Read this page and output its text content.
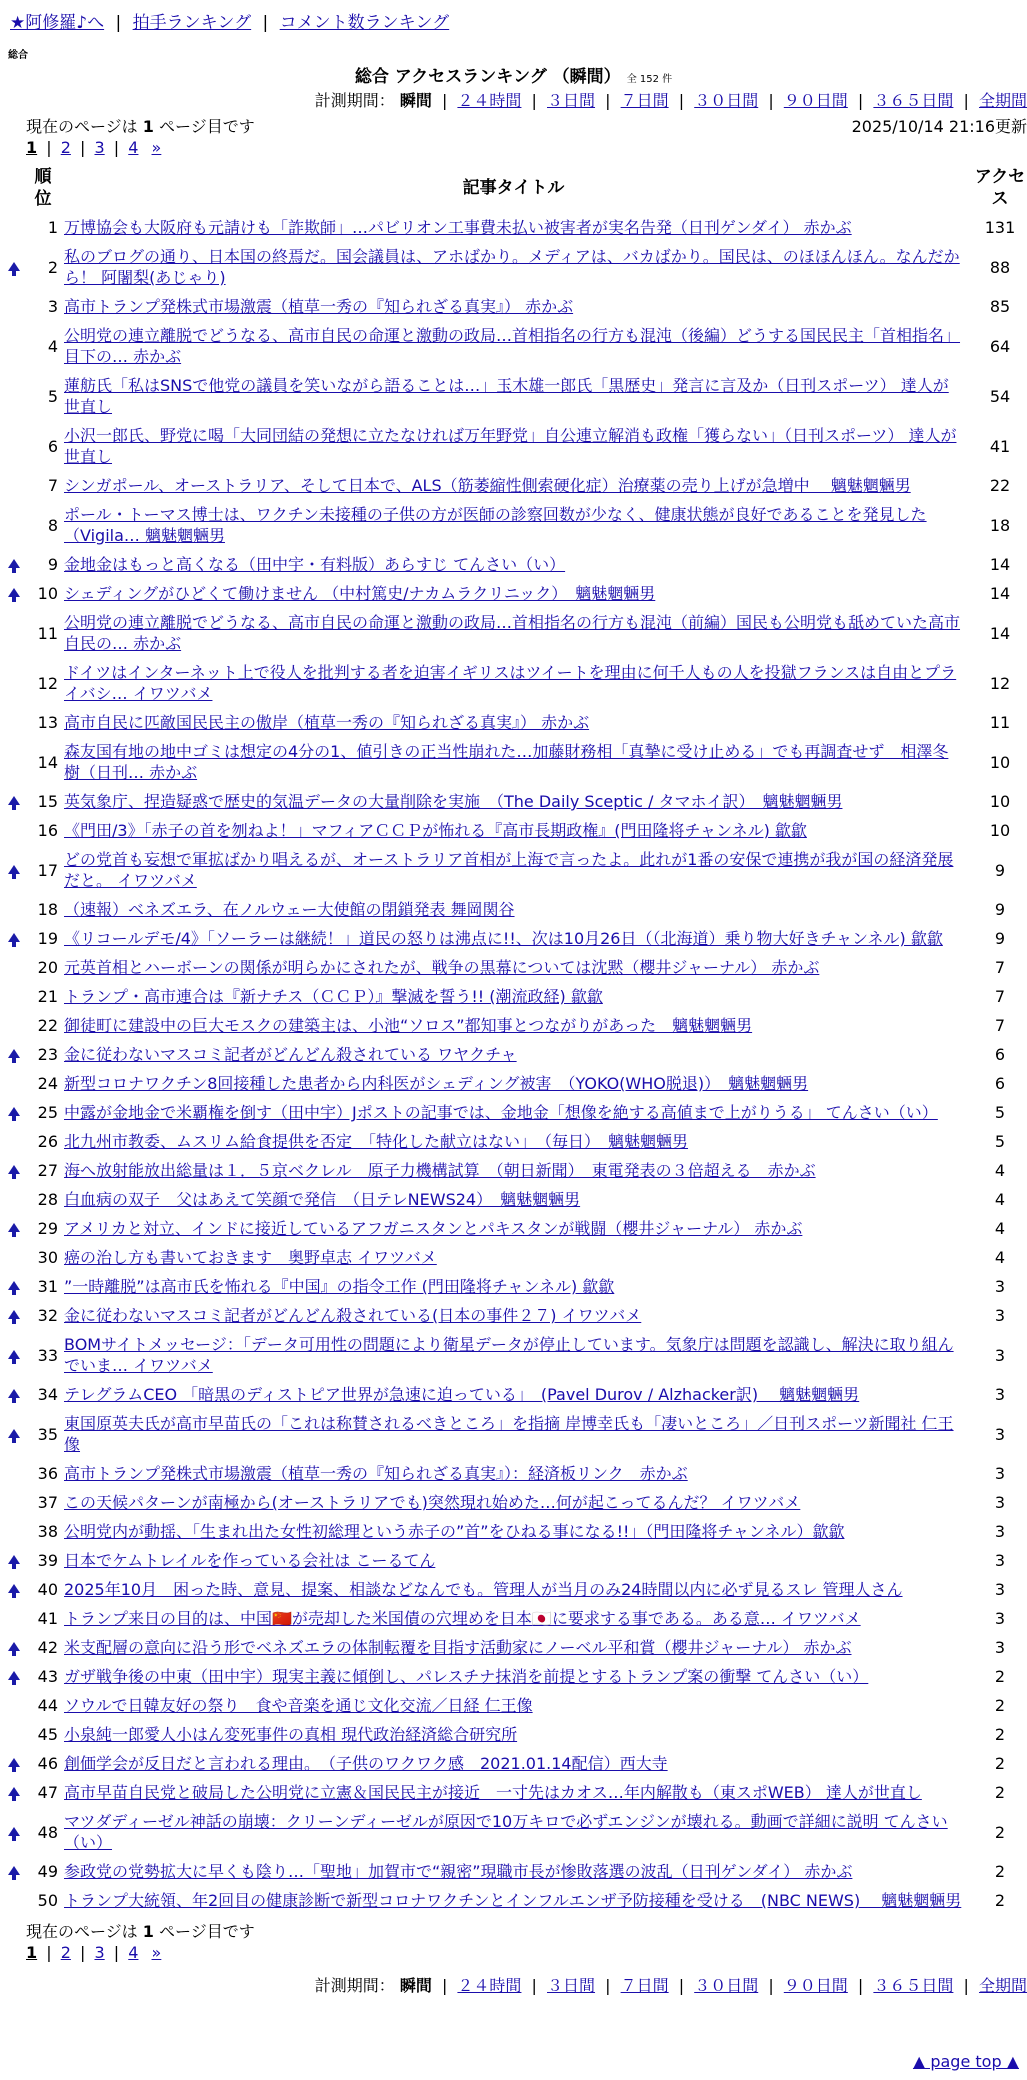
★阿修羅♪へ | 拍手ランキング | コメント数ランキング
総合
総合 アクセスランキング （瞬間） 全 152 件
計測期間： 瞬間 | ２４時間 | ３日間 | ７日間 | ３０日間 | ９０日間 | ３６５日間 | 全期間
現在のページは 1 ページ目です	2025/10/14 21:16更新
1 | 2 | 3 | 4 »
	順位	記事タイトル	アクセス
	1	万博協会も大阪府も元請けも「詐欺師」…パビリオン工事費未払い被害者が実名告発（日刊ゲンダイ） 赤かぶ	131
	2	私のブログの通り、日本国の終焉だ。国会議員は、アホばかり。メディアは、バカばかり。国民は、のほほんほん。なんだから！ 阿闍梨(あじゃり)	88
	3	高市トランプ発株式市場激震（植草一秀の『知られざる真実』） 赤かぶ	85
	4	公明党の連立離脱でどうなる、高市自民の命運と激動の政局…首相指名の行方も混沌（後編）どうする国民民主「首相指名」目下の… 赤かぶ	64
	5	蓮舫氏「私はSNSで他党の議員を笑いながら語ることは…」玉木雄一郎氏「黒歴史」発言に言及か（日刊スポーツ） 達人が世直し	54
	6	小沢一郎氏、野党に喝「大同団結の発想に立たなければ万年野党」自公連立解消も政権「獲らない」（日刊スポーツ） 達人が世直し	41
	7	シンガポール、オーストラリア、そして日本で、ALS（筋萎縮性側索硬化症）治療薬の売り上げが急増中　 魑魅魍魎男	22
	8	ポール・トーマス博士は、ワクチン未接種の子供の方が医師の診察回数が少なく、健康状態が良好であることを発見した（Vigila… 魑魅魍魎男	18
	9	金地金はもっと高くなる（田中宇・有料版）あらすじ てんさい（い）	14
	10	シェディングがひどくて働けません （中村篤史/ナカムラクリニック）　魑魅魍魎男	14
	11	公明党の連立離脱でどうなる、高市自民の命運と激動の政局…首相指名の行方も混沌（前編）国民も公明党も舐めていた高市自民の… 赤かぶ	14
	12	ドイツはインターネット上で役人を批判する者を迫害イギリスはツイートを理由に何千人もの人を投獄フランスは自由とプライバシ… イワツバメ	12
	13	高市自民に匹敵国民民主の傲岸（植草一秀の『知られざる真実』） 赤かぶ	11
	14	森友国有地の地中ゴミは想定の4分の1、値引きの正当性崩れた…加藤財務相「真摯に受け止める」でも再調査せず　相澤冬樹（日刊… 赤かぶ	10
	15	英気象庁、捏造疑惑で歴史的気温データの大量削除を実施　（The Daily Sceptic / タマホイ訳）　魑魅魍魎男	10
	16	《門田/3》「赤子の首を刎ねよ！」マフィアＣＣＰが怖れる『高市長期政権』(門田隆将チャンネル) 歙歙	10
	17	どの党首も妄想で軍拡ばかり唱えるが、オーストラリア首相が上海で言ったよ。此れが1番の安保で連携が我が国の経済発展だと。 イワツバメ	9
	18	（速報）ベネズエラ、在ノルウェー大使館の閉鎖発表 舞岡関谷	9
	19	《リコールデモ/4》「ソーラーは継続！」道民の怒りは沸点に!!、次は10月26日（（北海道）乗り物大好きチャンネル) 歙歙	9
	20	元英首相とハーボーンの関係が明らかにされたが、戦争の黒幕については沈黙（櫻井ジャーナル） 赤かぶ	7
	21	トランプ・高市連合は『新ナチス（ＣＣＰ）』撃滅を誓う!! (潮流政経) 歙歙	7
	22	御徒町に建設中の巨大モスクの建築主は、小池“ソロス”都知事とつながりがあった　魑魅魍魎男	7
	23	金に従わないマスコミ記者がどんどん殺されている ワヤクチャ	6
	24	新型コロナワクチン8回接種した患者から内科医がシェディング被害　（YOKO(WHO脱退)）　魑魅魍魎男	6
	25	中露が金地金で米覇権を倒す（田中宇）Jポストの記事では、金地金「想像を絶する高値まで上がりうる」 てんさい（い）	5
	26	北九州市教委、ムスリム給食提供を否定　「特化した献立はない」　（毎日）　魑魅魍魎男	5
	27	海へ放射能放出総量は１．５京ベクレル　原子力機構試算　（朝日新聞）　東電発表の３倍超える　赤かぶ	4
	28	白血病の双子　父はあえて笑顔で発信　（日テレNEWS24）　魑魅魍魎男	4
	29	アメリカと対立、インドに接近しているアフガニスタンとパキスタンが戦闘（櫻井ジャーナル） 赤かぶ	4
	30	癌の治し方も書いておきます　奥野卓志 イワツバメ	4
	31	”一時離脱”は高市氏を怖れる『中国』の指令工作 (門田隆将チャンネル) 歙歙	3
	32	金に従わないマスコミ記者がどんどん殺されている(日本の事件２７) イワツバメ	3
	33	BOMサイトメッセージ：「データ可用性の問題により衛星データが停止しています。気象庁は問題を認識し、解決に取り組んでいま… イワツバメ	3
	34	テレグラムCEO 「暗黒のディストピア世界が急速に迫っている」　(Pavel Durov / Alzhacker訳)　 魑魅魍魎男	3
	35	東国原英夫氏が高市早苗氏の「これは称賛されるべきところ」を指摘 岸博幸氏も「凄いところ」／日刊スポーツ新聞社 仁王像	3
	36	高市トランプ発株式市場激震（植草一秀の『知られざる真実』）：経済板リンク　赤かぶ	3
	37	この天候パターンが南極から(オーストラリアでも)突然現れ始めた…何が起こってるんだ？ イワツバメ	3
	38	公明党内が動揺、「生まれ出た女性初総理という赤子の”首”をひねる事になる!!」（門田隆将チャンネル）歙歙	3
	39	日本でケムトレイルを作っている会社は こーるてん	3
	40	2025年10月　困った時、意見、提案、相談などなんでも。管理人が当月のみ24時間以内に必ず見るスレ 管理人さん	3
	41	トランプ来日の目的は、中国🇨🇳が売却した米国債の穴埋めを日本🇯🇵に要求する事である。ある意… イワツバメ	3
	42	米支配層の意向に沿う形でベネズエラの体制転覆を目指す活動家にノーベル平和賞（櫻井ジャーナル） 赤かぶ	3
	43	ガザ戦争後の中東（田中宇）現実主義に傾倒し、パレスチナ抹消を前提とするトランプ案の衝撃 てんさい（い）	2
	44	ソウルで日韓友好の祭り　食や音楽を通じ文化交流／日経 仁王像	2
	45	小泉純一郎愛人小はん変死事件の真相 現代政治経済総合研究所	2
	46	創価学会が反日だと言われる理由。　（子供のワクワク感　2021.01.14配信）西大寺	2
	47	高市早苗自民党と破局した公明党に立憲＆国民民主が接近　一寸先はカオス…年内解散も（東スポWEB） 達人が世直し	2
	48	マツダディーゼル神話の崩壊：クリーンディーゼルが原因で10万キロで必ずエンジンが壊れる。動画で詳細に説明 てんさい（い）	2
	49	参政党の党勢拡大に早くも陰り…「聖地」加賀市で“親密”現職市長が惨敗落選の波乱（日刊ゲンダイ） 赤かぶ	2
	50	トランプ大統領、年2回目の健康診断で新型コロナワクチンとインフルエンザ予防接種を受ける　(NBC NEWS)　 魑魅魍魎男	2
現在のページは 1 ページ目です
1 | 2 | 3 | 4 »
計測期間： 瞬間 | ２４時間 | ３日間 | ７日間 | ３０日間 | ９０日間 | ３６５日間 | 全期間
▲ page top ▲
